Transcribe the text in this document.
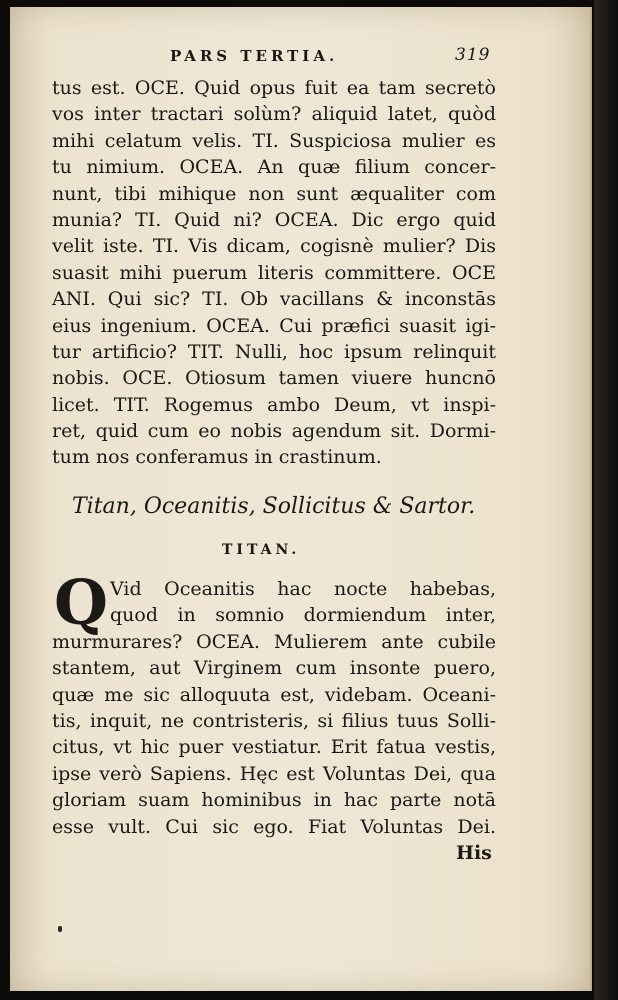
PARS TERTIA.	319
tus est. OCE. Quid opus fuit ea tam secretò
vos inter tractari solùm? aliquid latet, quòd
mihi celatum velis. TI. Suspiciosa mulier es
tu nimium. OCEA. An quæ filium concer-
nunt, tibi mihique non sunt æqualiter com
munia? TI. Quid ni? OCEA. Dic ergo quid
velit iste. TI. Vis dicam, cogisnè mulier? Dis
suasit mihi puerum literis committere. OCE
ANI. Qui sic? TI. Ob vacillans & inconstās
eius ingenium. OCEA. Cui præfici suasit igi-
tur artificio? TIT. Nulli, hoc ipsum relinquit
nobis. OCE. Otiosum tamen viuere huncnō
licet. TIT. Rogemus ambo Deum, vt inspi-
ret, quid cum eo nobis agendum sit. Dormi-
tum nos conferamus in crastinum.
Titan, Oceanitis, Sollicitus & Sartor.
TITAN.
Q Vid Oceanitis hac nocte habebas,
quod in somnio dormiendum inter,
murmurares? OCEA. Mulierem ante cubile
stantem, aut Virginem cum insonte puero,
quæ me sic alloquuta est, videbam. Oceani-
tis, inquit, ne contristeris, si filius tuus Solli-
citus, vt hic puer vestiatur. Erit fatua vestis,
ipse verò Sapiens. Hęc est Voluntas Dei, qua
gloriam suam hominibus in hac parte notā
esse vult. Cui sic ego. Fiat Voluntas Dei.
His
